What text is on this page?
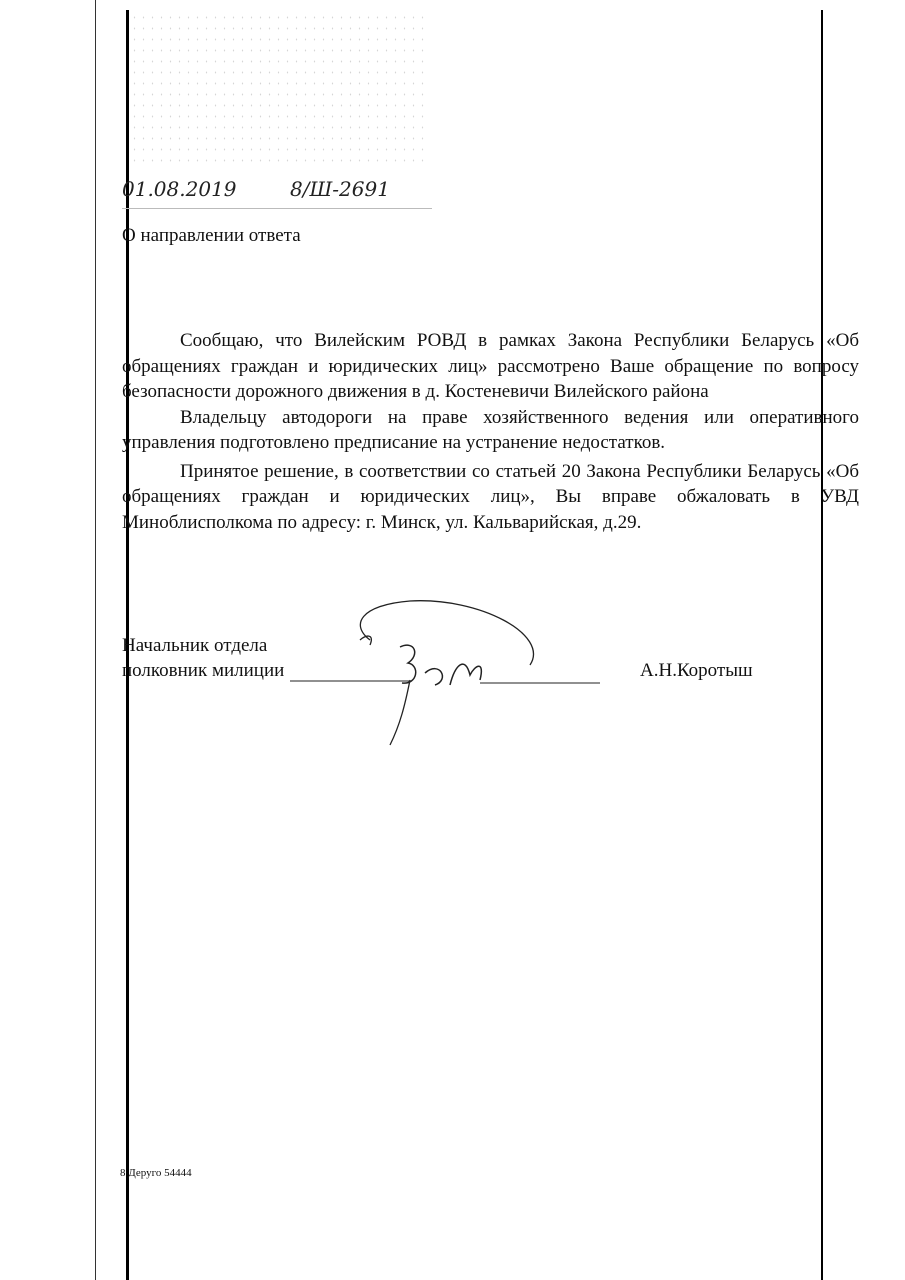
01.08.2019	8/Ш-2691
О направлении ответа

Сообщаю, что Вилейским РОВД в рамках Закона Республики Беларусь «Об обращениях граждан и юридических лиц» рассмотрено Ваше обращение по вопросу безопасности дорожного движения в д. Костеневичи Вилейского района

Владельцу автодороги на праве хозяйственного ведения или оперативного управления подготовлено предписание на устранение недостатков.

Принятое решение, в соответствии со статьей 20 Закона Республики Беларусь «Об обращениях граждан и юридических лиц», Вы вправе обжаловать в УВД Миноблисполкома по адресу: г. Минск, ул. Кальварийская, д.29.

Начальник отдела
полковник милиции	А.Н.Коротыш
8 Деруго 54444
